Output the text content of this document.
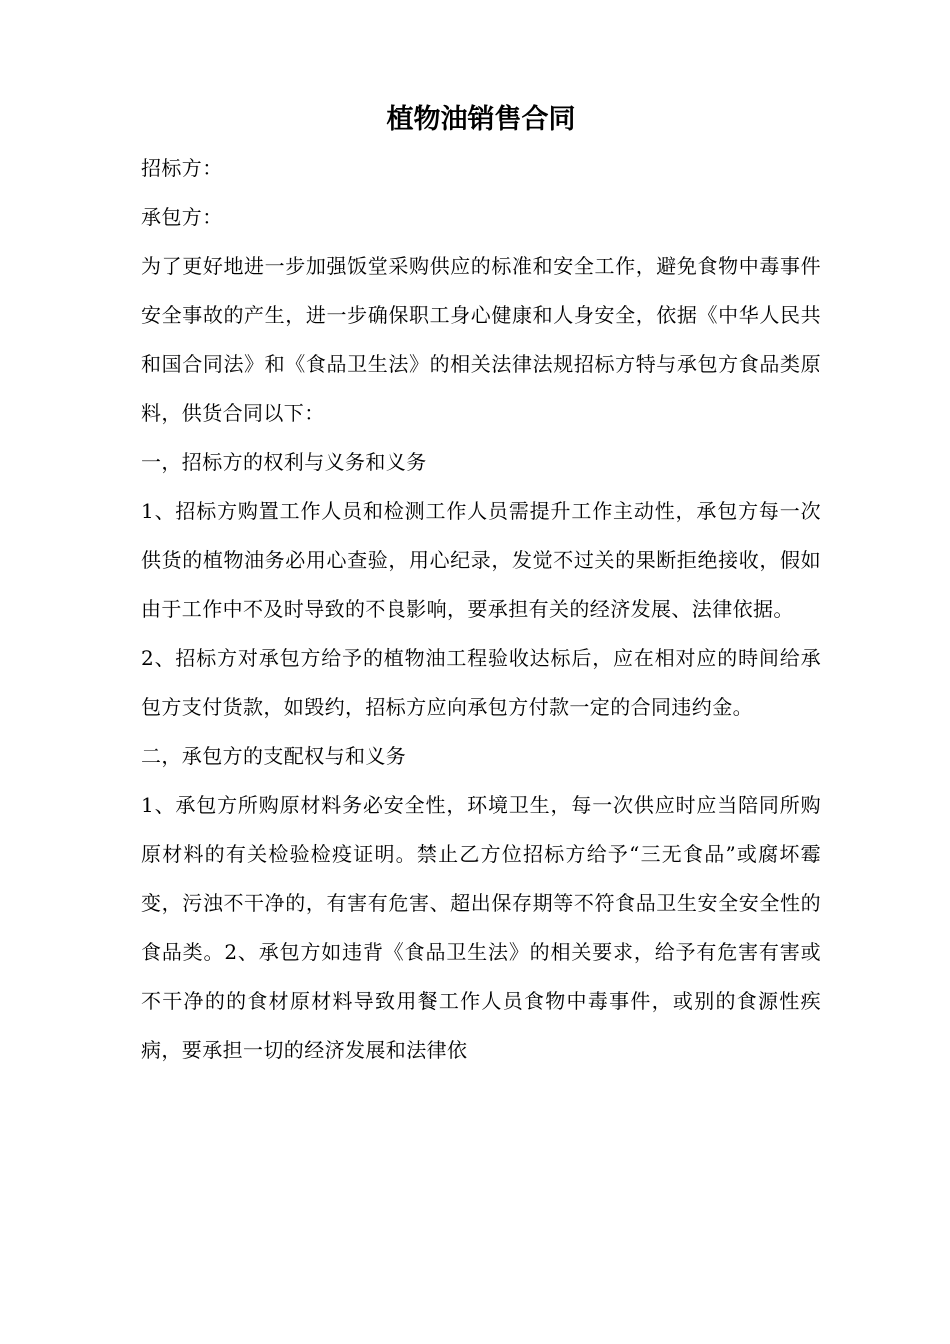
植物油销售合同

招标方：

承包方：

为了更好地进一步加强饭堂采购供应的标准和安全工作，避免食物中毒事件安全事故的产生，进一步确保职工身心健康和人身安全，依据《中华人民共和国合同法》和《食品卫生法》的相关法律法规招标方特与承包方食品类原料，供货合同以下：

一，招标方的权利与义务和义务

1、招标方购置工作人员和检测工作人员需提升工作主动性，承包方每一次供货的植物油务必用心查验，用心纪录，发觉不过关的果断拒绝接收，假如由于工作中不及时导致的不良影响，要承担有关的经济发展、法律依据。

2、招标方对承包方给予的植物油工程验收达标后，应在相对应的時间给承包方支付货款，如毁约，招标方应向承包方付款一定的合同违约金。

二，承包方的支配权与和义务

1、承包方所购原材料务必安全性，环境卫生，每一次供应时应当陪同所购原材料的有关检验检疫证明。禁止乙方位招标方给予“三无食品”或腐坏霉变，污浊不干净的，有害有危害、超出保存期等不符食品卫生安全安全性的食品类。2、承包方如违背《食品卫生法》的相关要求，给予有危害有害或不干净的的食材原材料导致用餐工作人员食物中毒事件，或别的食源性疾病，要承担一切的经济发展和法律依
